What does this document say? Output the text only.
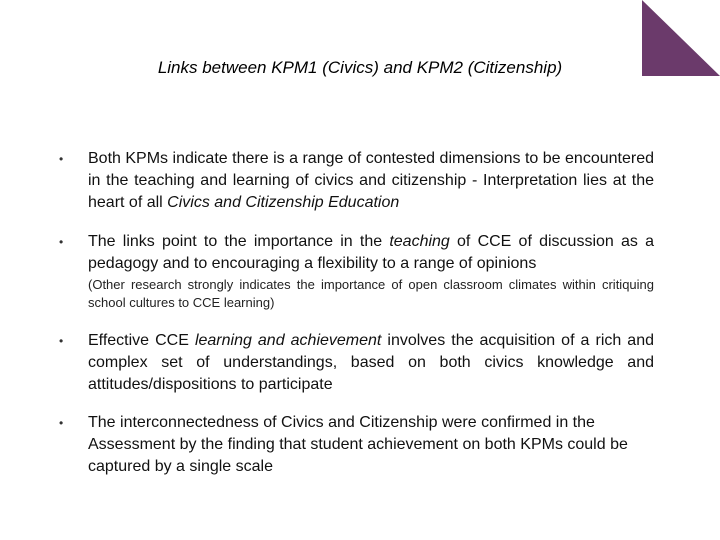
Links between KPM1 (Civics) and KPM2 (Citizenship)
• Both KPMs indicate there is a range of contested dimensions to be encountered in the teaching and learning of civics and citizenship - Interpretation lies at the heart of all Civics and Citizenship Education
• The links point to the importance in the teaching of CCE of discussion as a pedagogy and to encouraging a flexibility to a range of opinions
(Other research strongly indicates the importance of open classroom climates within critiquing school cultures to CCE learning)
• Effective CCE learning and achievement involves the acquisition of a rich and complex set of understandings, based on both civics knowledge and attitudes/dispositions to participate
• The interconnectedness of Civics and Citizenship were confirmed in the Assessment by the finding that student achievement on both KPMs could be captured by a single scale
